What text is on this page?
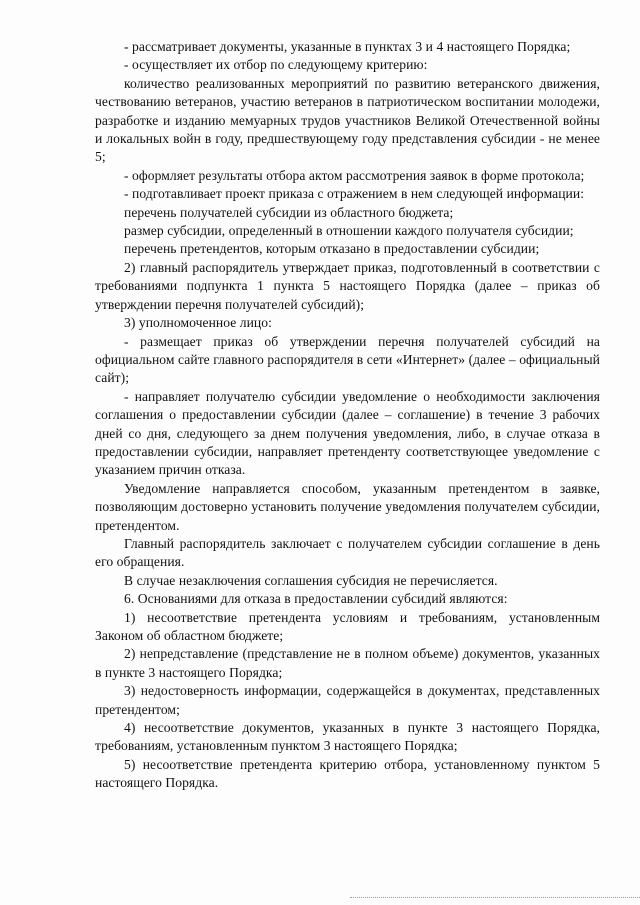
- рассматривает документы, указанные в пунктах 3 и 4 настоящего Порядка;

- осуществляет их отбор по следующему критерию:

количество реализованных мероприятий по развитию ветеранского движения, чествованию ветеранов, участию ветеранов в патриотическом воспитании молодежи, разработке и изданию мемуарных трудов участников Великой Отечественной войны и локальных войн в году, предшествующему году представления субсидии - не менее 5;

- оформляет результаты отбора актом рассмотрения заявок в форме протокола;

- подготавливает проект приказа с отражением в нем следующей информации:

перечень получателей субсидии из областного бюджета;

размер субсидии, определенный в отношении каждого получателя субсидии;

перечень претендентов, которым отказано в предоставлении субсидии;

2) главный распорядитель утверждает приказ, подготовленный в соответствии с требованиями подпункта 1 пункта 5 настоящего Порядка (далее – приказ об утверждении перечня получателей субсидий);

3) уполномоченное лицо:

- размещает приказ об утверждении перечня получателей субсидий на официальном сайте главного распорядителя в сети «Интернет» (далее – официальный сайт);

- направляет получателю субсидии уведомление о необходимости заключения соглашения о предоставлении субсидии (далее – соглашение) в течение 3 рабочих дней со дня, следующего за днем получения уведомления, либо, в случае отказа в предоставлении субсидии, направляет претенденту соответствующее уведомление с указанием причин отказа.

Уведомление направляется способом, указанным претендентом в заявке, позволяющим достоверно установить получение уведомления получателем субсидии, претендентом.

Главный распорядитель заключает с получателем субсидии соглашение в день его обращения.

В случае незаключения соглашения субсидия не перечисляется.

6. Основаниями для отказа в предоставлении субсидий являются:

1) несоответствие претендента условиям и требованиям, установленным Законом об областном бюджете;

2) непредставление (представление не в полном объеме) документов, указанных в пункте 3 настоящего Порядка;

3) недостоверность информации, содержащейся в документах, представленных претендентом;

4) несоответствие документов, указанных в пункте 3 настоящего Порядка, требованиям, установленным пунктом 3 настоящего Порядка;

5) несоответствие претендента критерию отбора, установленному пунктом 5 настоящего Порядка.
